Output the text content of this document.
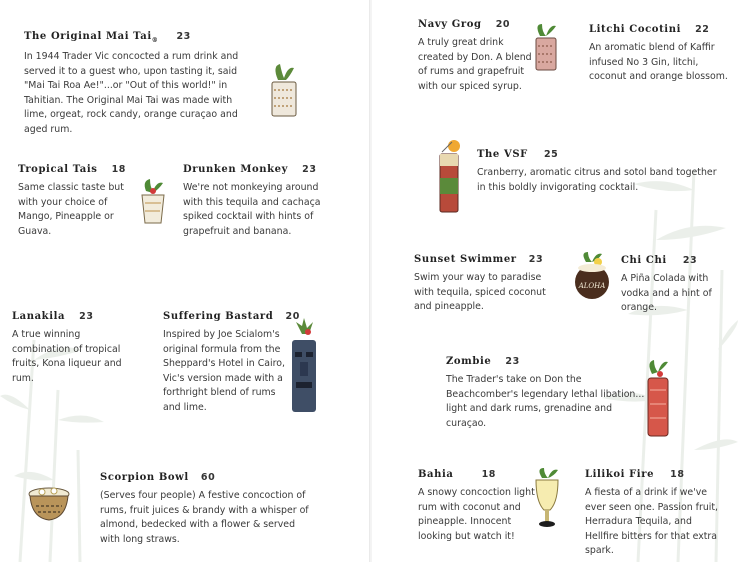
The Original Mai Tai$_®$ 23
In 1944 Trader Vic concocted a rum drink and served it to a guest who, upon tasting it, said "Mai Tai Roa Ae!"...or "Out of this world!" in Tahitian. The Original Mai Tai was made with lime, orgeat, rock candy, orange curaçao and aged rum.
Tropical Tais 18
Same classic taste but with your choice of Mango, Pineapple or Guava.
Drunken Monkey 23
We're not monkeying around with this tequila and cachaça spiked cocktail with hints of grapefruit and banana.
Lanakila 23
A true winning combination of tropical fruits, Kona liqueur and rum.
Suffering Bastard 20
Inspired by Joe Scialom's original formula from the Sheppard's Hotel in Cairo, Vic's version made with a forthright blend of rums and lime.
Scorpion Bowl 60
(Serves four people) A festive concoction of rums, fruit juices & brandy with a whisper of almond, bedecked with a flower & served with long straws.
Navy Grog 20
A truly great drink created by Don. A blend of rums and grapefruit with our spiced syrup.
Litchi Cocotini 22
An aromatic blend of Kaffir infused No 3 Gin, litchi, coconut and orange blossom.
The VSF 25
Cranberry, aromatic citrus and sotol band together in this boldly invigorating cocktail.
Sunset Swimmer 23
Swim your way to paradise with tequila, spiced coconut and pineapple.
ALOHA
Chi Chi 23
A Piña Colada with vodka and a hint of orange.
Zombie 23
The Trader's take on Don the Beachcomber's legendary lethal libation... light and dark rums, grenadine and curaçao.
Bahia	18
A snowy concoction light rum with coconut and pineapple. Innocent looking but watch it!
Lilikoi Fire 18
A fiesta of a drink if we've ever seen one. Passion fruit, Herradura Tequila, and Hellfire bitters for that extra spark.
